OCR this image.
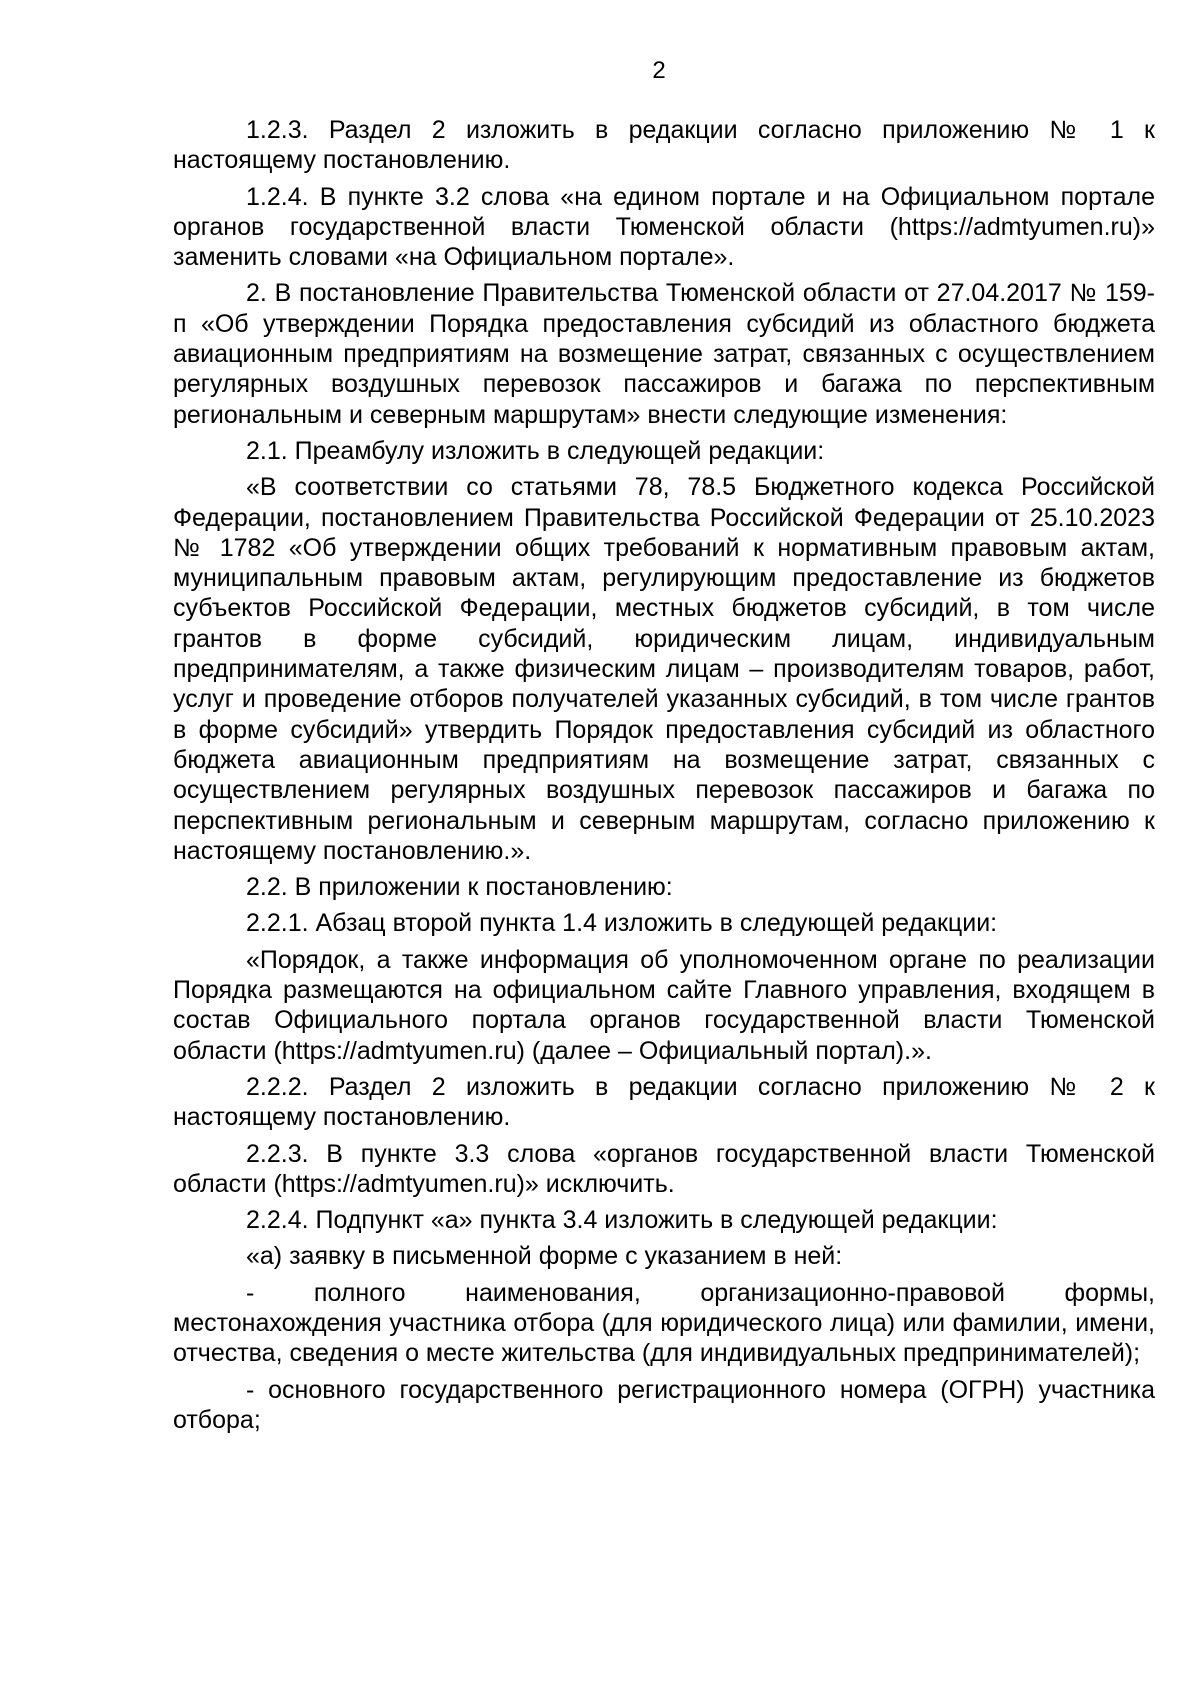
2

1.2.3. Раздел 2 изложить в редакции согласно приложению № 1 к настоящему постановлению.

1.2.4. В пункте 3.2 слова «на едином портале и на Официальном портале органов государственной власти Тюменской области (https://admtyumen.ru)» заменить словами «на Официальном портале».

2. В постановление Правительства Тюменской области от 27.04.2017 № 159-п «Об утверждении Порядка предоставления субсидий из областного бюджета авиационным предприятиям на возмещение затрат, связанных с осуществлением регулярных воздушных перевозок пассажиров и багажа по перспективным региональным и северным маршрутам» внести следующие изменения:

2.1. Преамбулу изложить в следующей редакции:

«В соответствии со статьями 78, 78.5 Бюджетного кодекса Российской Федерации, постановлением Правительства Российской Федерации от 25.10.2023 № 1782 «Об утверждении общих требований к нормативным правовым актам, муниципальным правовым актам, регулирующим предоставление из бюджетов субъектов Российской Федерации, местных бюджетов субсидий, в том числе грантов в форме субсидий, юридическим лицам, индивидуальным предпринимателям, а также физическим лицам – производителям товаров, работ, услуг и проведение отборов получателей указанных субсидий, в том числе грантов в форме субсидий» утвердить Порядок предоставления субсидий из областного бюджета авиационным предприятиям на возмещение затрат, связанных с осуществлением регулярных воздушных перевозок пассажиров и багажа по перспективным региональным и северным маршрутам, согласно приложению к настоящему постановлению.».

2.2. В приложении к постановлению:

2.2.1. Абзац второй пункта 1.4 изложить в следующей редакции:

«Порядок, а также информация об уполномоченном органе по реализации Порядка размещаются на официальном сайте Главного управления, входящем в состав Официального портала органов государственной власти Тюменской области (https://admtyumen.ru) (далее – Официальный портал).».

2.2.2. Раздел 2 изложить в редакции согласно приложению № 2 к настоящему постановлению.

2.2.3. В пункте 3.3 слова «органов государственной власти Тюменской области (https://admtyumen.ru)» исключить.

2.2.4. Подпункт «а» пункта 3.4 изложить в следующей редакции:

«а) заявку в письменной форме с указанием в ней:

- полного наименования, организационно-правовой формы, местонахождения участника отбора (для юридического лица) или фамилии, имени, отчества, сведения о месте жительства (для индивидуальных предпринимателей);

- основного государственного регистрационного номера (ОГРН) участника отбора;
